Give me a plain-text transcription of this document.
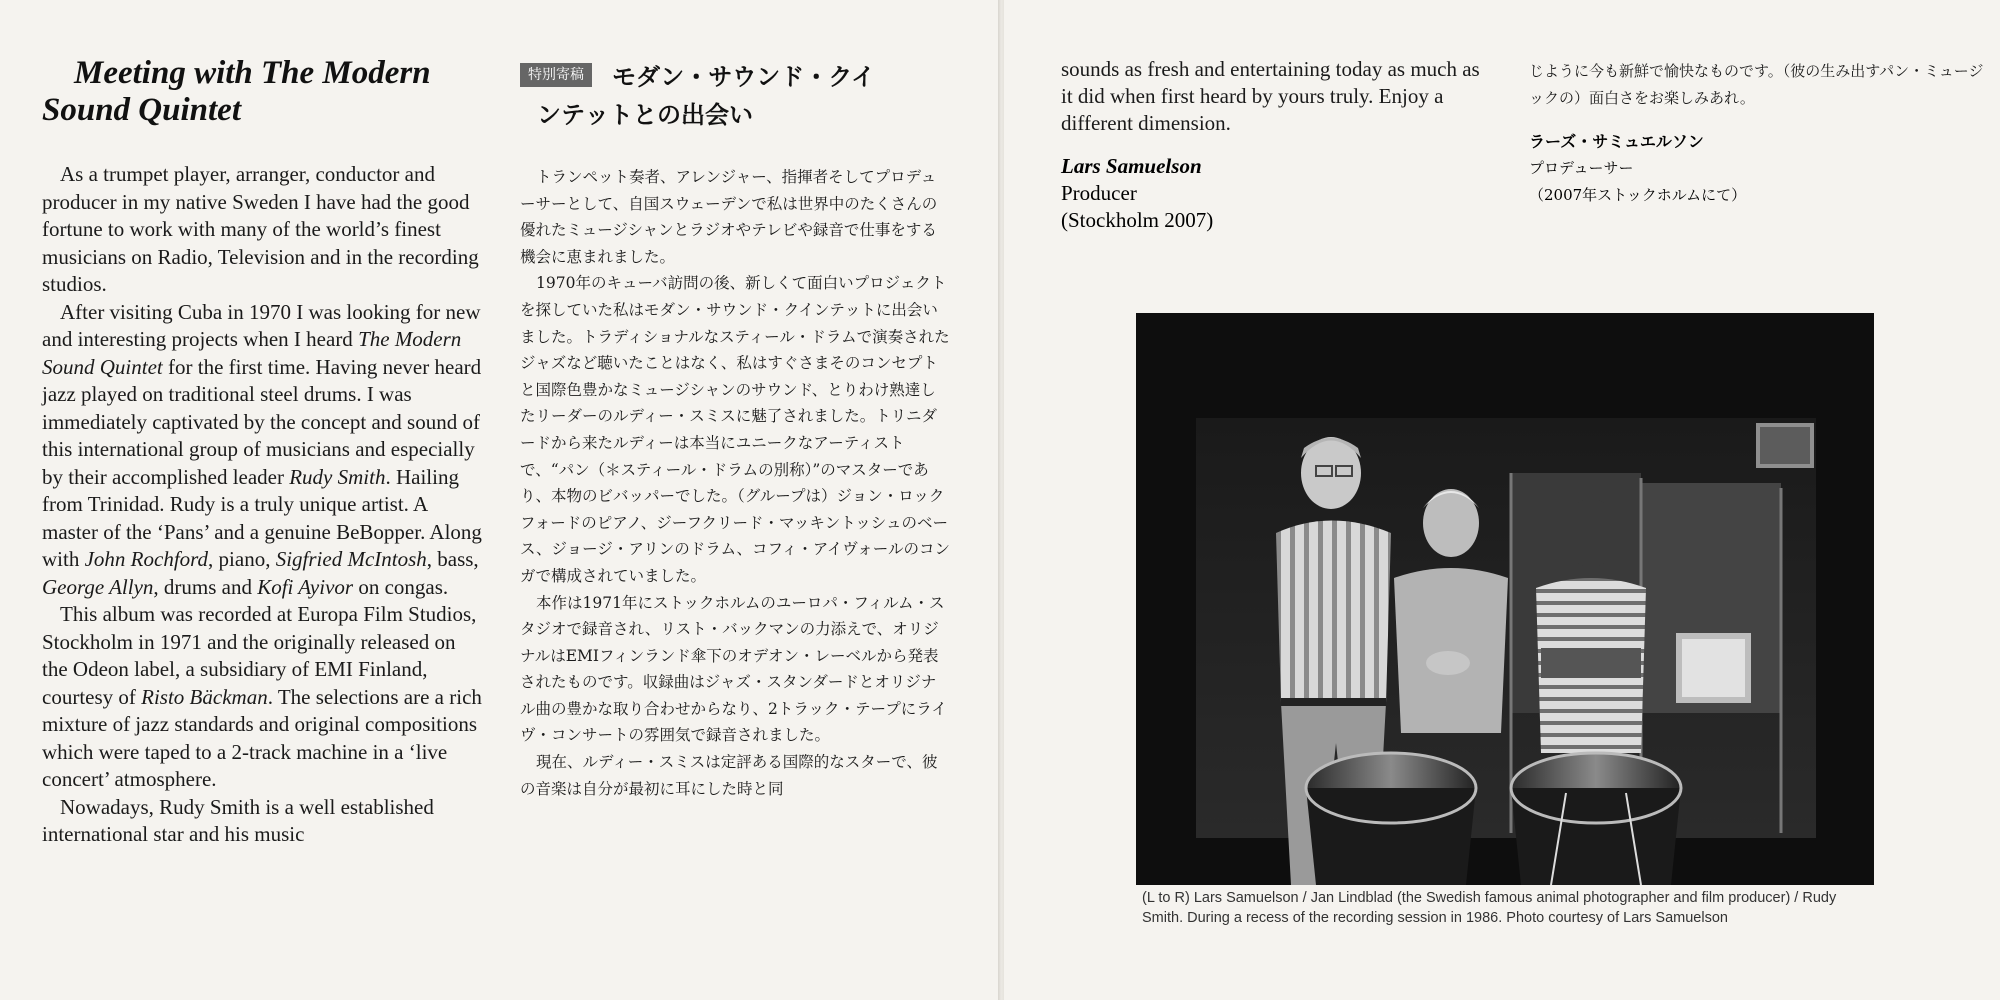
Meeting with The Modern
Sound Quintet

As a trumpet player, arranger, conductor and producer in my native Sweden I have had the good fortune to work with many of the world’s finest musicians on Radio, Television and in the recording studios.

After visiting Cuba in 1970 I was looking for new and interesting projects when I heard The Modern Sound Quintet for the first time. Having never heard jazz played on traditional steel drums. I was immediately captivated by the concept and sound of this international group of musicians and especially by their accomplished leader Rudy Smith. Hailing from Trinidad. Rudy is a truly unique artist. A master of the ‘Pans’ and a genuine BeBopper. Along with John Rochford, piano, Sigfried McIntosh, bass, George Allyn, drums and Kofi Ayivor on congas.

This album was recorded at Europa Film Studios, Stockholm in 1971 and the originally released on the Odeon label, a subsidiary of EMI Finland, courtesy of Risto Bäckman. The selections are a rich mixture of jazz standards and original compositions which were taped to a 2-track machine in a ‘live concert’ atmosphere.

Nowadays, Rudy Smith is a well established international star and his music

特別寄稿	モダン・サウンド・クイ
ンテットとの出会い

トランペット奏者、アレンジャー、指揮者そしてプロデューサーとして、自国スウェーデンで私は世界中のたくさんの優れたミュージシャンとラジオやテレビや録音で仕事をする機会に恵まれました。

1970年のキューバ訪問の後、新しくて面白いプロジェクトを探していた私はモダン・サウンド・クインテットに出会いました。トラディショナルなスティール・ドラムで演奏されたジャズなど聴いたことはなく、私はすぐさまそのコンセプトと国際色豊かなミュージシャンのサウンド、とりわけ熟達したリーダーのルディー・スミスに魅了されました。トリニダードから来たルディーは本当にユニークなアーティストで、“パン（＊スティール・ドラムの別称）”のマスターであり、本物のビバッパーでした。（グループは）ジョン・ロックフォードのピアノ、ジーフクリード・マッキントッシュのベース、ジョージ・アリンのドラム、コフィ・アイヴォールのコンガで構成されていました。

本作は1971年にストックホルムのユーロパ・フィルム・スタジオで録音され、リスト・バックマンの力添えで、オリジナルはEMIフィンランド傘下のオデオン・レーベルから発表されたものです。収録曲はジャズ・スタンダードとオリジナル曲の豊かな取り合わせからなり、2トラック・テープにライヴ・コンサートの雰囲気で録音されました。

現在、ルディー・スミスは定評ある国際的なスターで、彼の音楽は自分が最初に耳にした時と同

sounds as fresh and entertaining today as much as it did when first heard by yours truly. Enjoy a different dimension.

Lars Samuelson
Producer
(Stockholm 2007)

じように今も新鮮で愉快なものです。（彼の生み出すパン・ミュージックの）面白さをお楽しみあれ。

ラーズ・サミュエルソン
プロデューサー
（2007年ストックホルムにて）
(L to R) Lars Samuelson / Jan Lindblad (the Swedish famous animal photographer and film producer) / Rudy Smith. During a recess of the recording session in 1986. Photo courtesy of Lars Samuelson
